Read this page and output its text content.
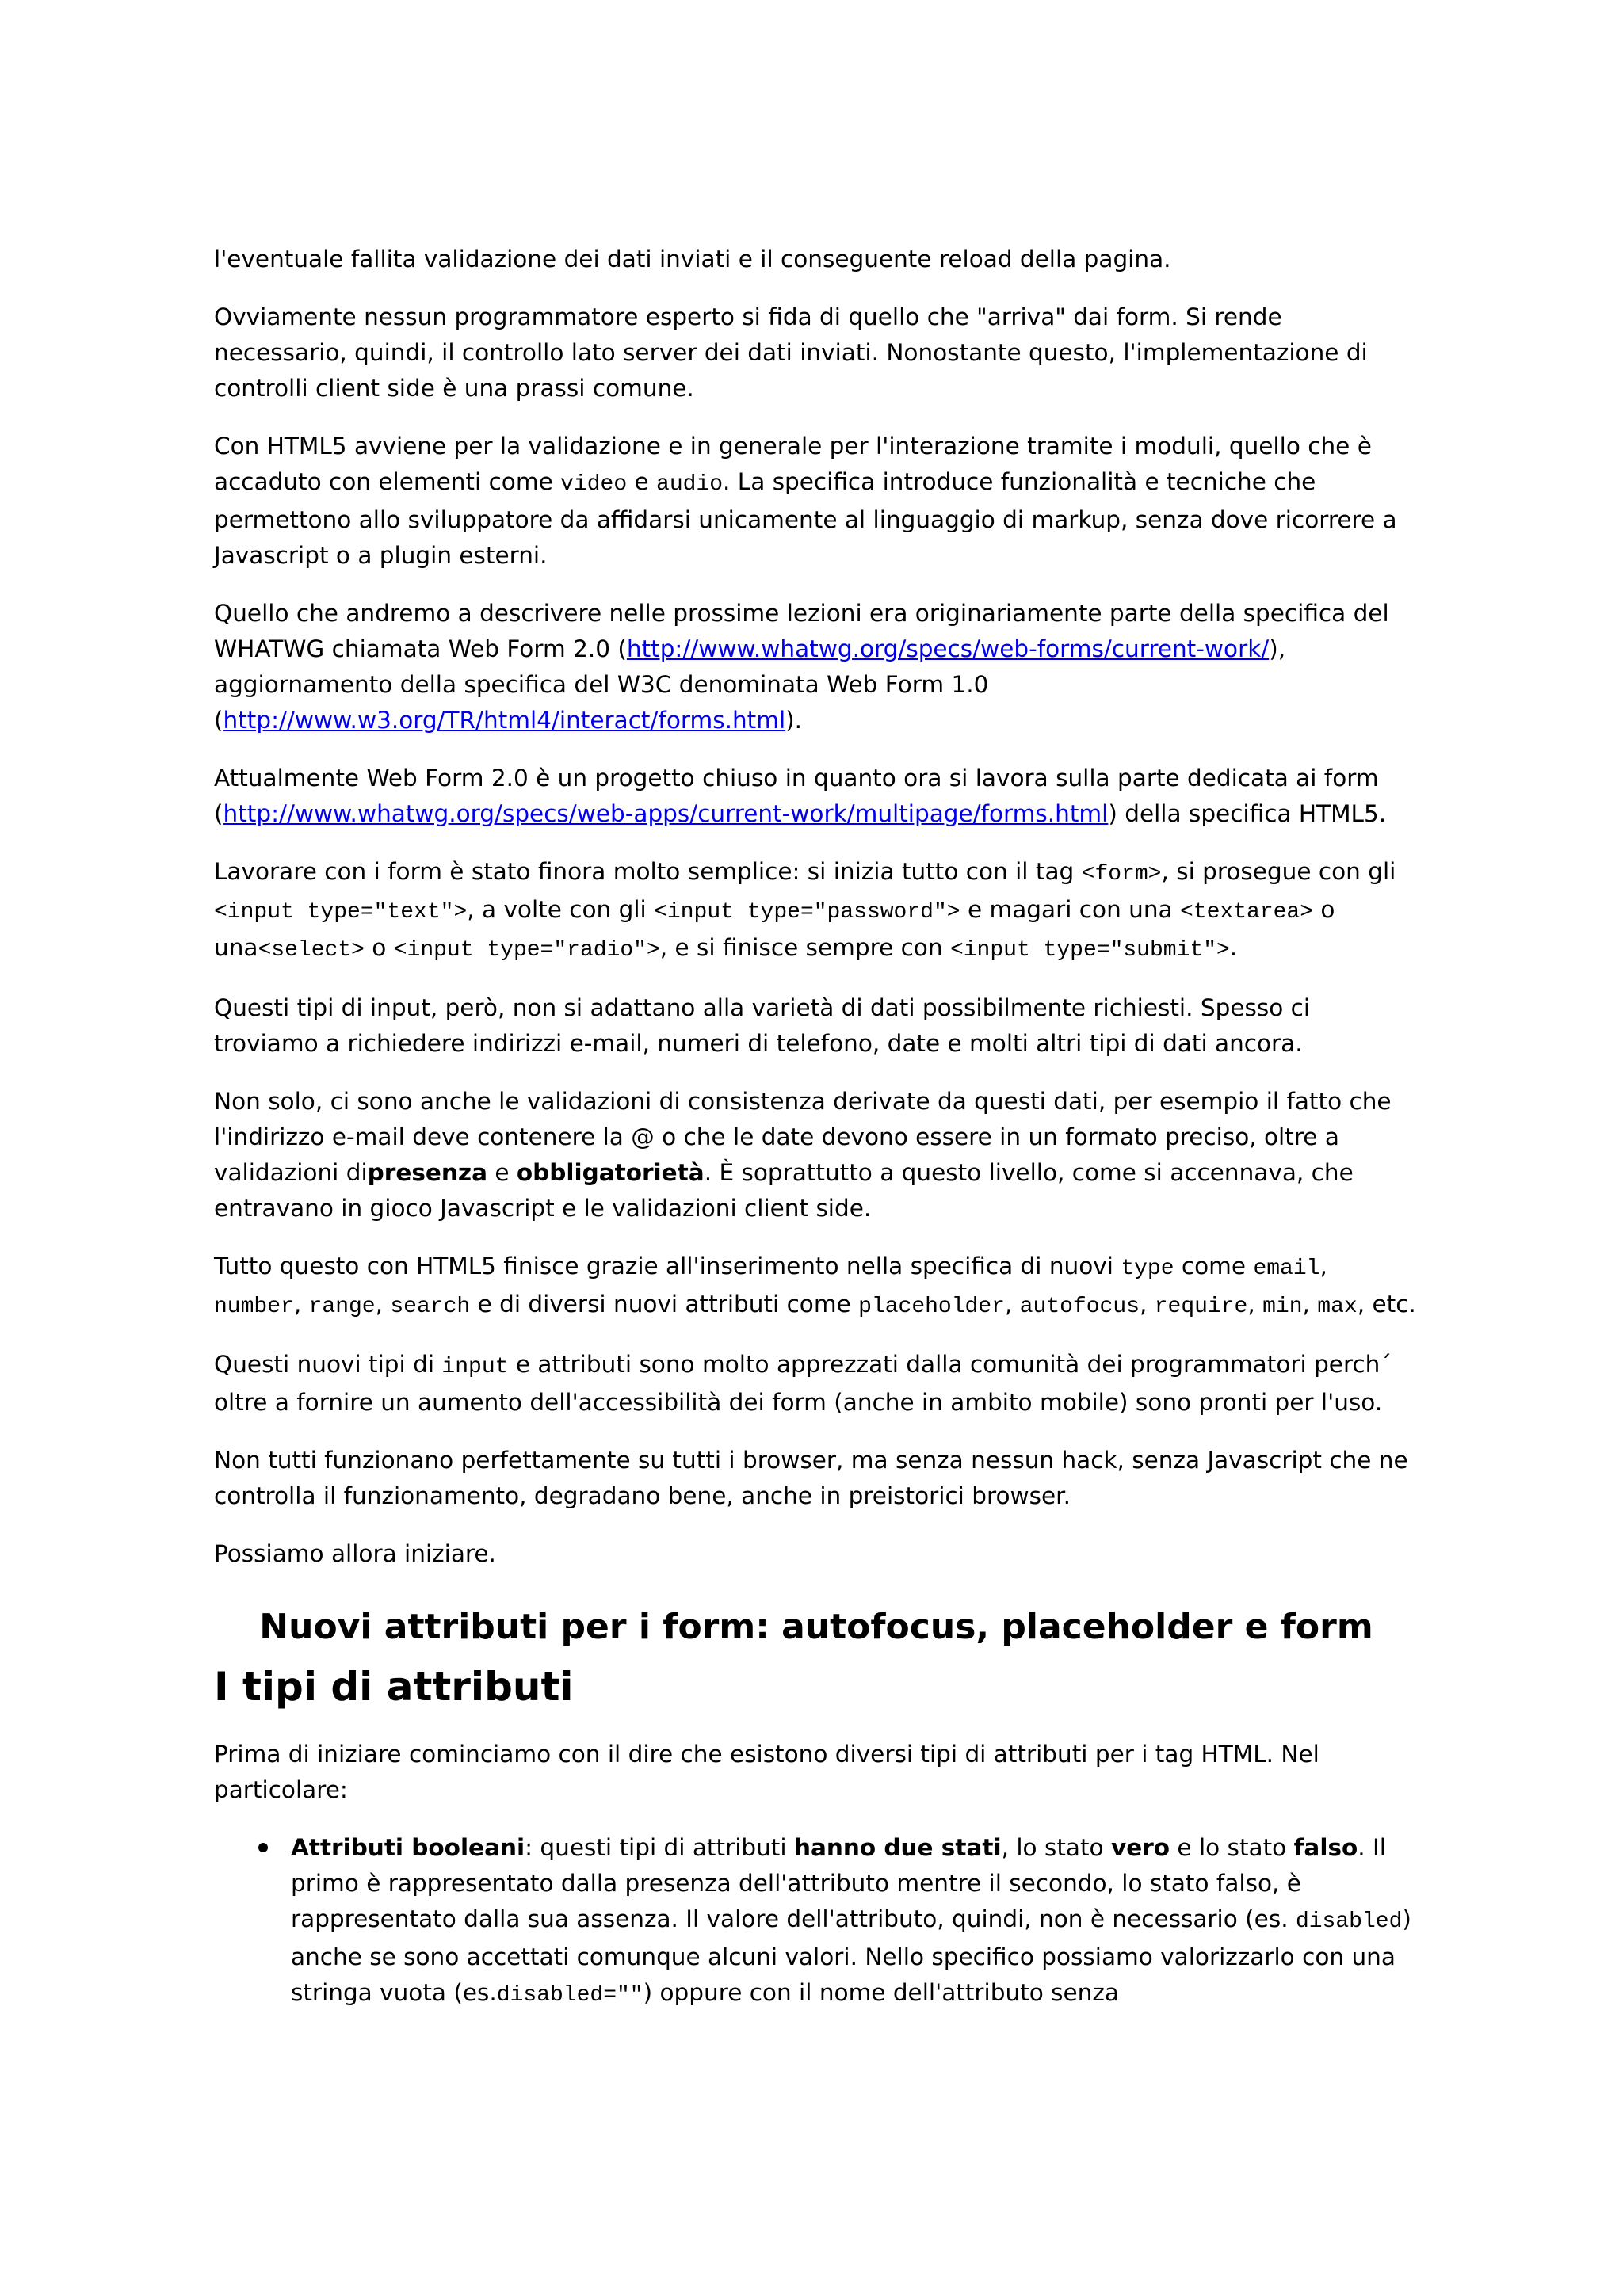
l'eventuale fallita validazione dei dati inviati e il conseguente reload della pagina.

Ovviamente nessun programmatore esperto si fida di quello che "arriva" dai form. Si rende necessario, quindi, il controllo lato server dei dati inviati. Nonostante questo, l'implementazione di controlli client side è una prassi comune.

Con HTML5 avviene per la validazione e in generale per l'interazione tramite i moduli, quello che è accaduto con elementi come video e audio. La specifica introduce funzionalità e tecniche che permettono allo sviluppatore da affidarsi unicamente al linguaggio di markup, senza dove ricorrere a Javascript o a plugin esterni.

Quello che andremo a descrivere nelle prossime lezioni era originariamente parte della specifica del WHATWG chiamata Web Form 2.0 (http://www.whatwg.org/specs/web-forms/current-work/), aggiornamento della specifica del W3C denominata Web Form 1.0 (http://www.w3.org/TR/html4/interact/forms.html).

Attualmente Web Form 2.0 è un progetto chiuso in quanto ora si lavora sulla parte dedicata ai form (http://www.whatwg.org/specs/web-apps/current-work/multipage/forms.html) della specifica HTML5.

Lavorare con i form è stato finora molto semplice: si inizia tutto con il tag <form>, si prosegue con gli <input type="text">, a volte con gli <input type="password"> e magari con una <textarea> o una<select> o <input type="radio">, e si finisce sempre con <input type="submit">.

Questi tipi di input, però, non si adattano alla varietà di dati possibilmente richiesti. Spesso ci troviamo a richiedere indirizzi e-mail, numeri di telefono, date e molti altri tipi di dati ancora.

Non solo, ci sono anche le validazioni di consistenza derivate da questi dati, per esempio il fatto che l'indirizzo e-mail deve contenere la @ o che le date devono essere in un formato preciso, oltre a validazioni dipresenza e obbligatorietà. È soprattutto a questo livello, come si accennava, che entravano in gioco Javascript e le validazioni client side.

Tutto questo con HTML5 finisce grazie all'inserimento nella specifica di nuovi type come email, number, range, search e di diversi nuovi attributi come placeholder, autofocus, require, min, max, etc.

Questi nuovi tipi di input e attributi sono molto apprezzati dalla comunità dei programmatori perch´ oltre a fornire un aumento dell'accessibilità dei form (anche in ambito mobile) sono pronti per l'uso.

Non tutti funzionano perfettamente su tutti i browser, ma senza nessun hack, senza Javascript che ne controlla il funzionamento, degradano bene, anche in preistorici browser.

Possiamo allora iniziare.

Nuovi attributi per i form: autofocus, placeholder e form
I tipi di attributi

Prima di iniziare cominciamo con il dire che esistono diversi tipi di attributi per i tag HTML. Nel particolare:

Attributi booleani: questi tipi di attributi hanno due stati, lo stato vero e lo stato falso. Il primo è rappresentato dalla presenza dell'attributo mentre il secondo, lo stato falso, è rappresentato dalla sua assenza. Il valore dell'attributo, quindi, non è necessario (es. disabled) anche se sono accettati comunque alcuni valori. Nello specifico possiamo valorizzarlo con una stringa vuota (es.disabled="") oppure con il nome dell'attributo senza
